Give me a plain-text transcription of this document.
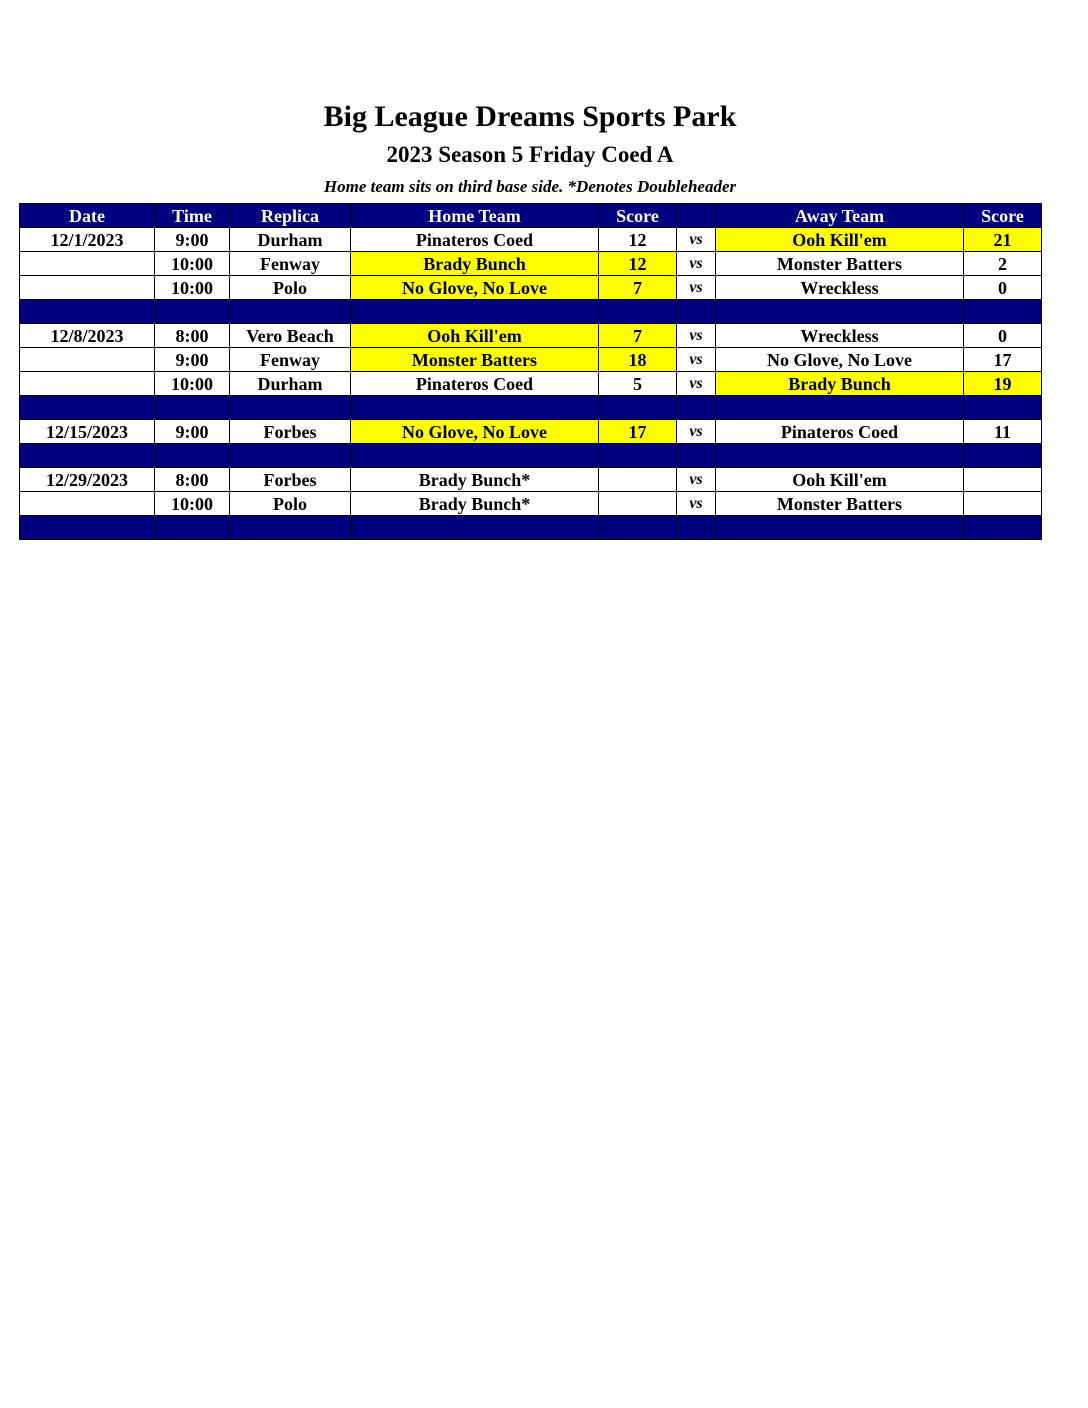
Big League Dreams Sports Park
2023 Season 5 Friday Coed A
Home team sits on third base side. *Denotes Doubleheader
Date	Time	Replica	Home Team	Score		Away Team	Score
12/1/2023	9:00	Durham	Pinateros Coed	12	vs	Ooh Kill'em	21
	10:00	Fenway	Brady Bunch	12	vs	Monster Batters	2
	10:00	Polo	No Glove, No Love	7	vs	Wreckless	0

12/8/2023	8:00	Vero Beach	Ooh Kill'em	7	vs	Wreckless	0
	9:00	Fenway	Monster Batters	18	vs	No Glove, No Love	17
	10:00	Durham	Pinateros Coed	5	vs	Brady Bunch	19

12/15/2023	9:00	Forbes	No Glove, No Love	17	vs	Pinateros Coed	11

12/29/2023	8:00	Forbes	Brady Bunch*		vs	Ooh Kill'em	
	10:00	Polo	Brady Bunch*		vs	Monster Batters	
